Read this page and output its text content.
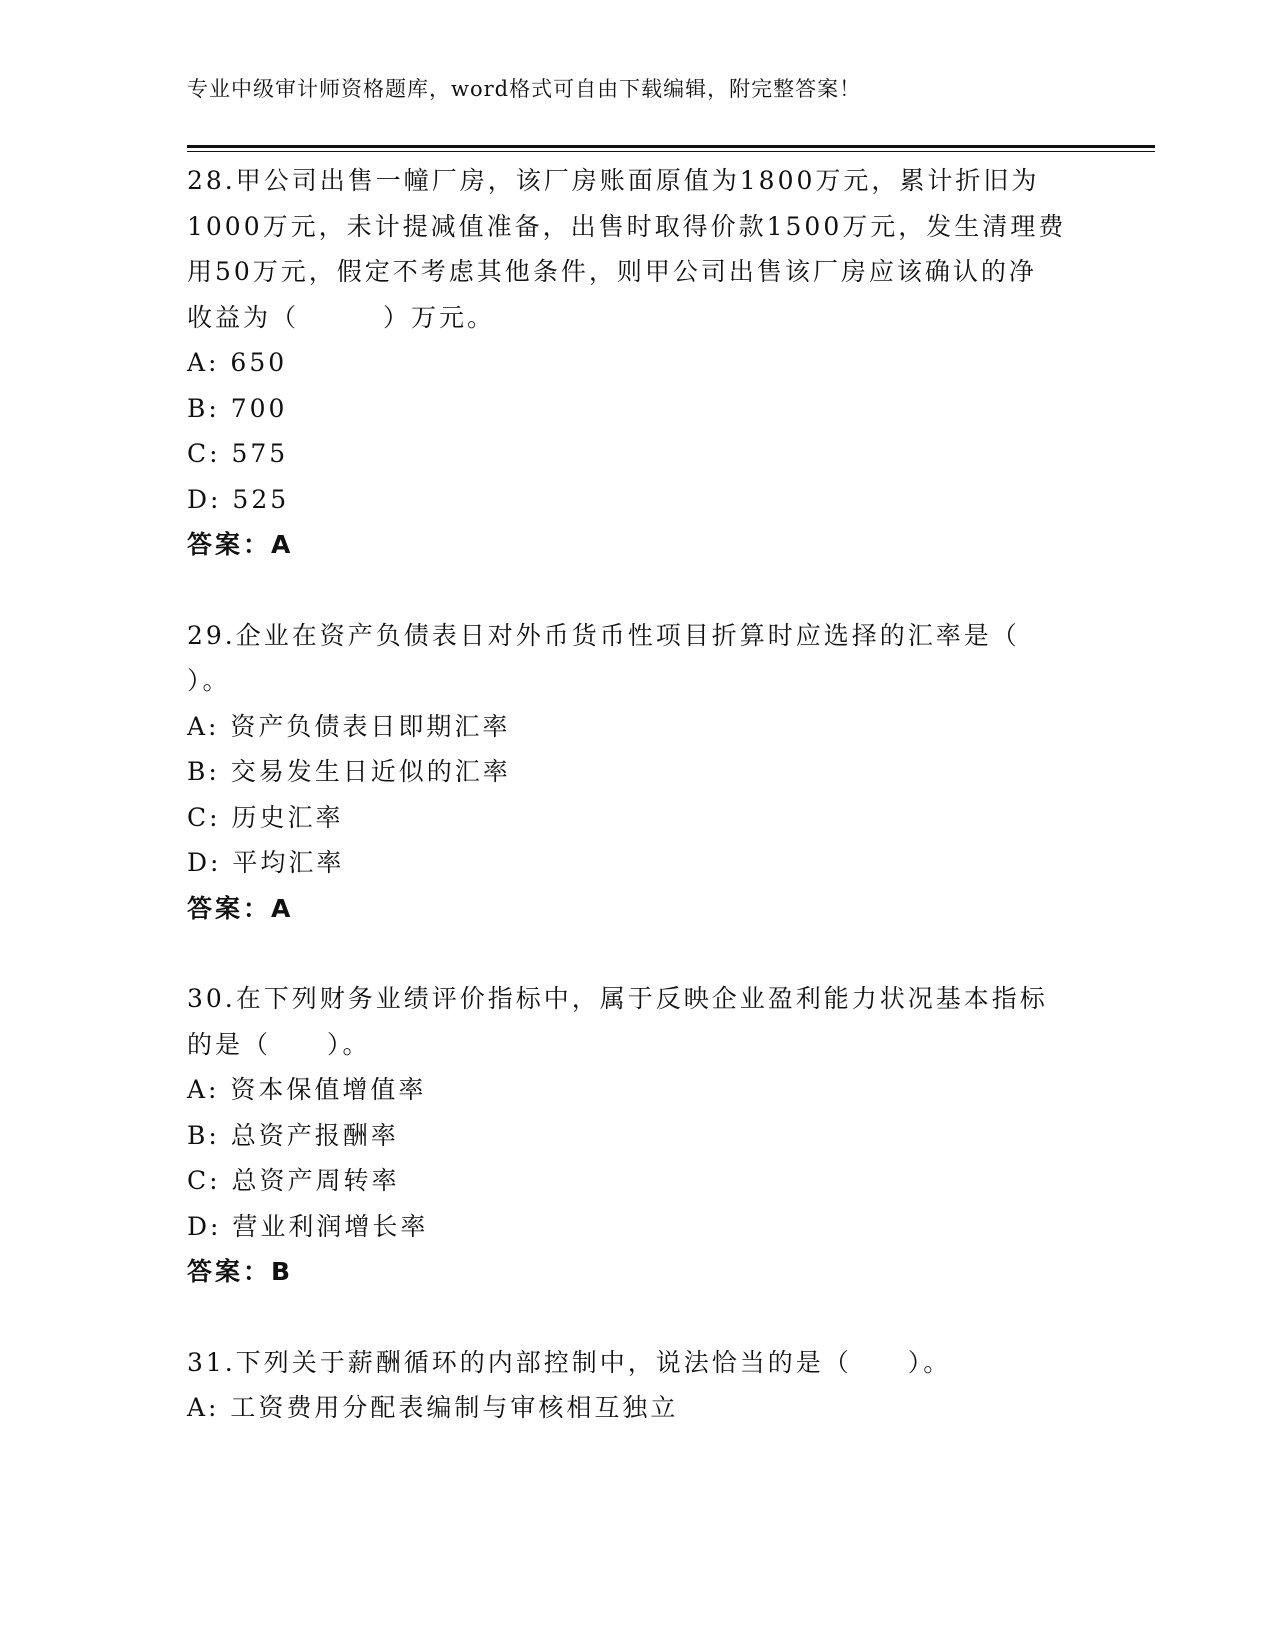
专业中级审计师资格题库，word格式可自由下载编辑，附完整答案！
28.甲公司出售一幢厂房，该厂房账面原值为1800万元，累计折旧为
1000万元，未计提减值准备，出售时取得价款1500万元，发生清理费
用50万元，假定不考虑其他条件，则甲公司出售该厂房应该确认的净
收益为（　　　）万元。
A: 650
B: 700
C: 575
D: 525
答案：A
29.企业在资产负债表日对外币货币性项目折算时应选择的汇率是（
）。
A: 资产负债表日即期汇率
B: 交易发生日近似的汇率
C: 历史汇率
D: 平均汇率
答案：A
30.在下列财务业绩评价指标中，属于反映企业盈利能力状况基本指标
的是（　　）。
A: 资本保值增值率
B: 总资产报酬率
C: 总资产周转率
D: 营业利润增长率
答案：B
31.下列关于薪酬循环的内部控制中，说法恰当的是（　　）。
A: 工资费用分配表编制与审核相互独立
